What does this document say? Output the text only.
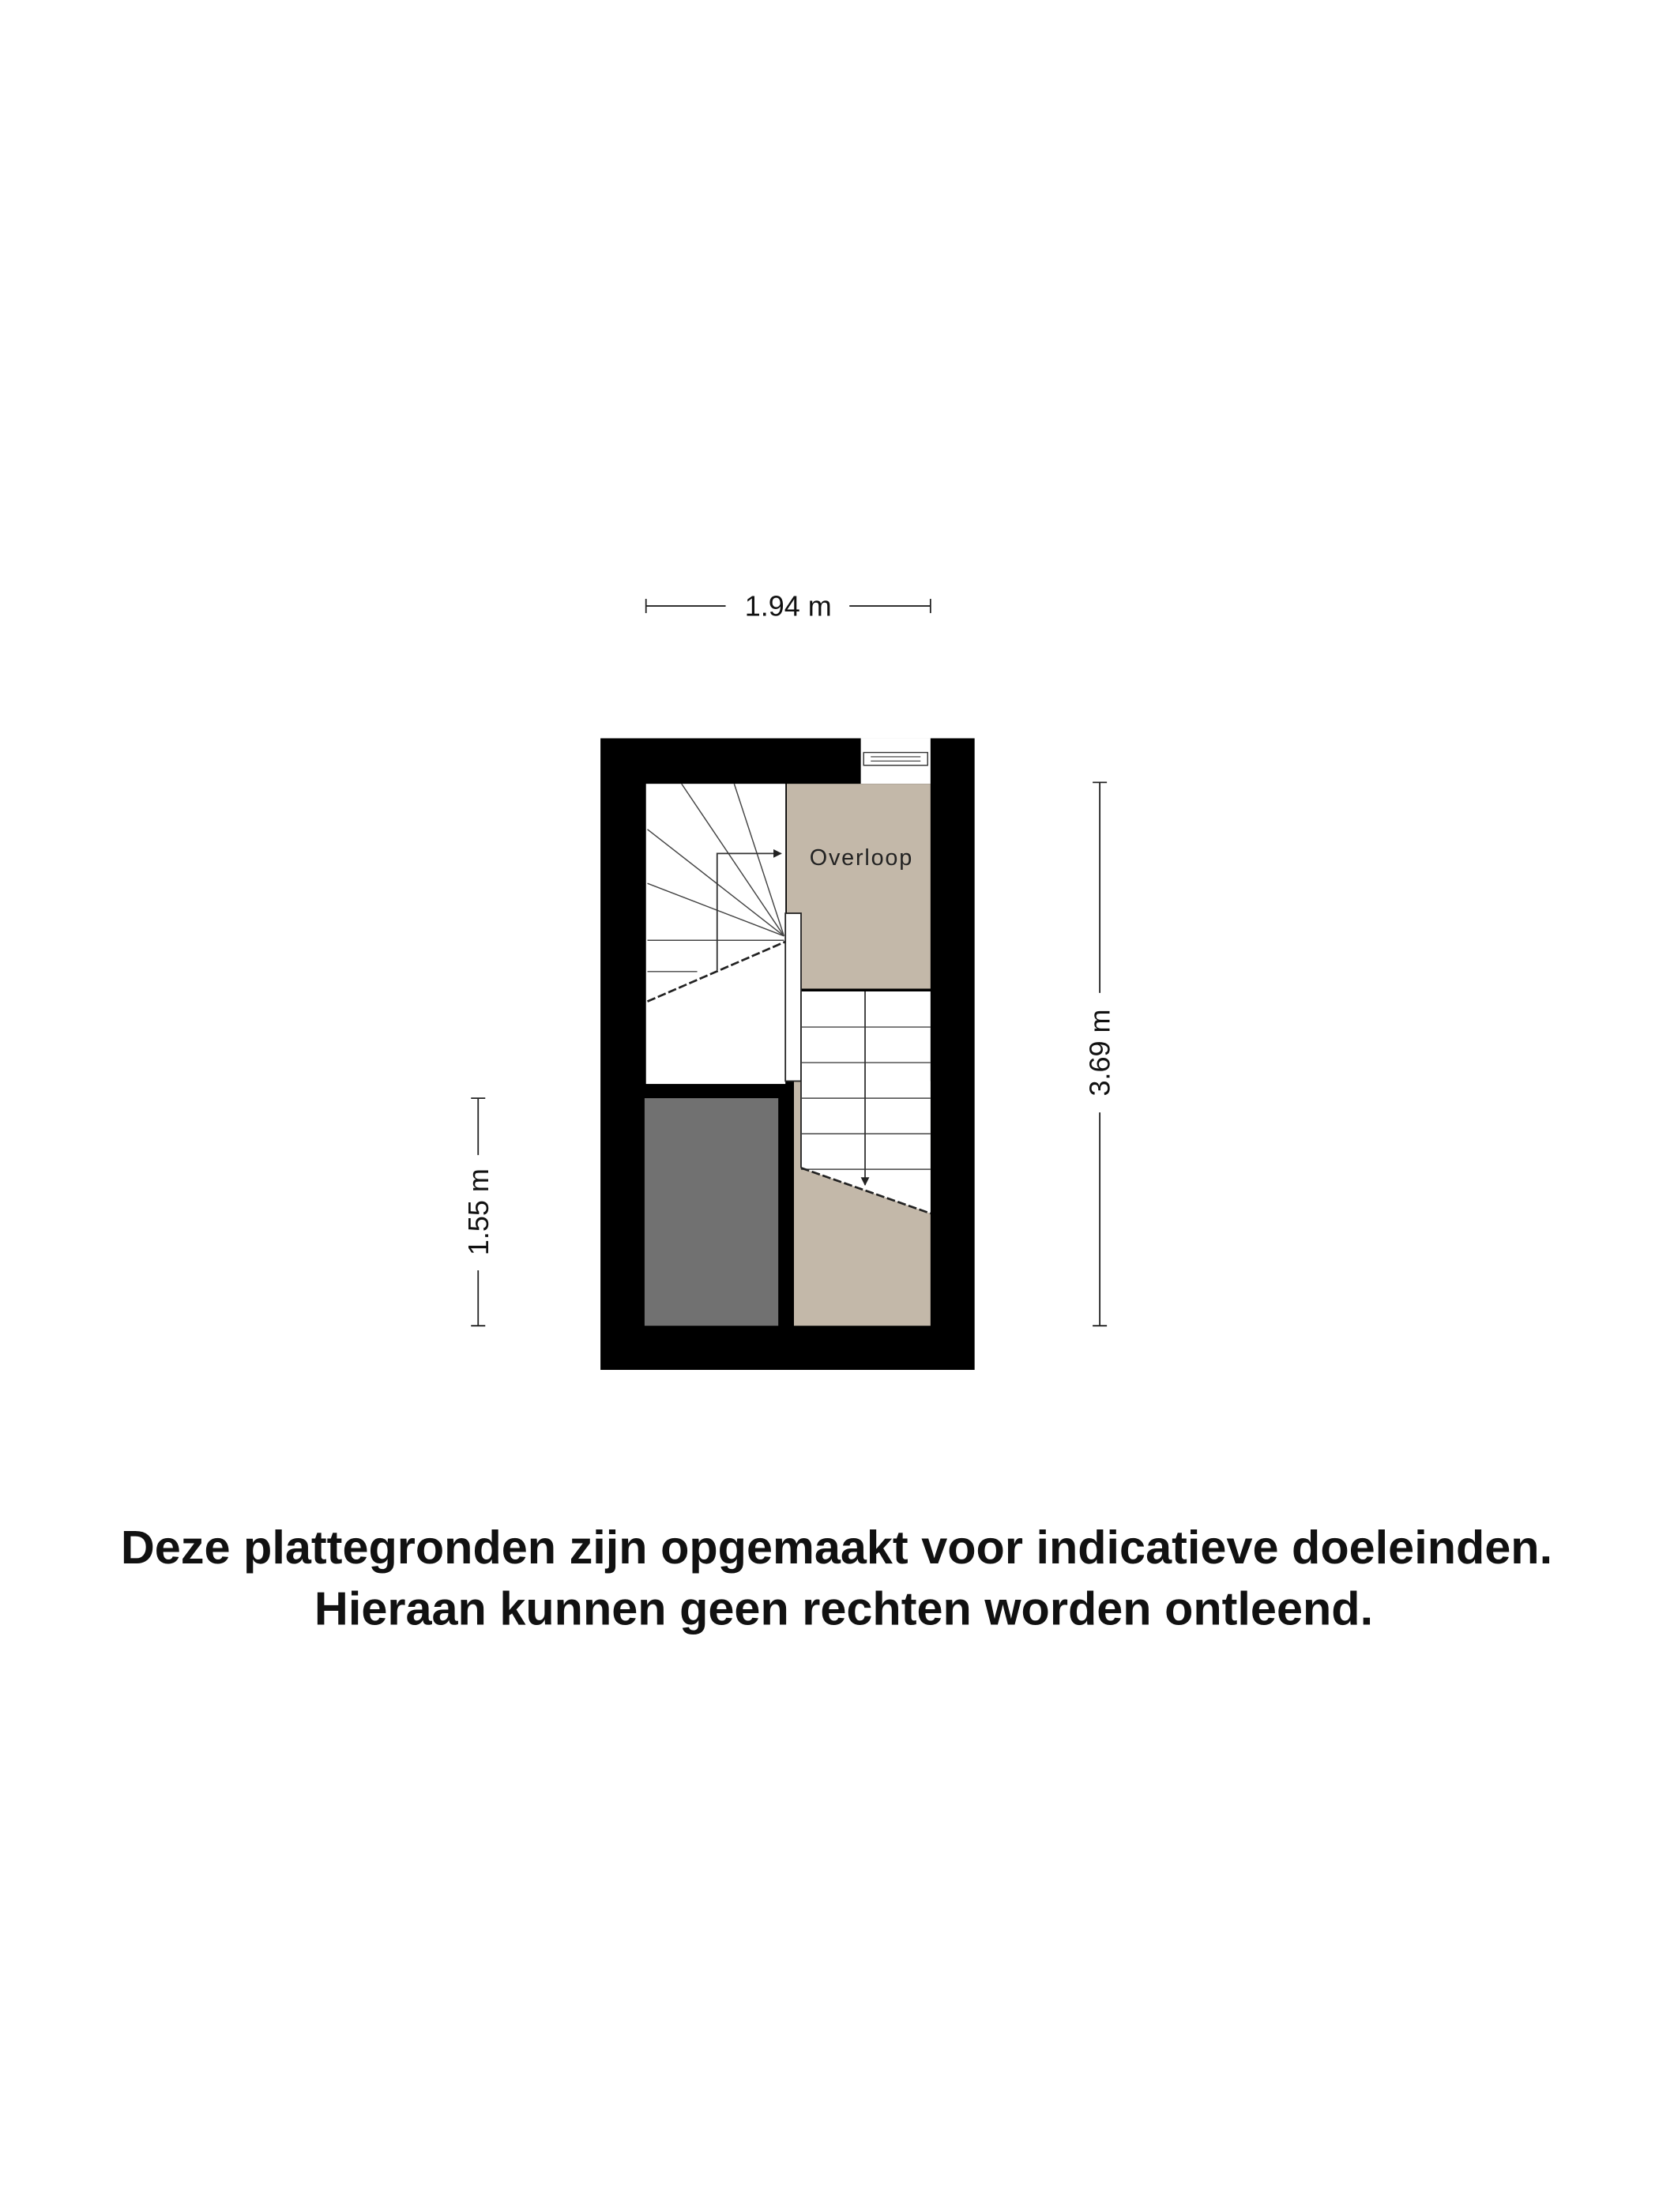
1.94 m
3.69 m
1.55 m
Overloop
Deze plattegronden zijn opgemaakt voor indicatieve doeleinden.
Hieraan kunnen geen rechten worden ontleend.
